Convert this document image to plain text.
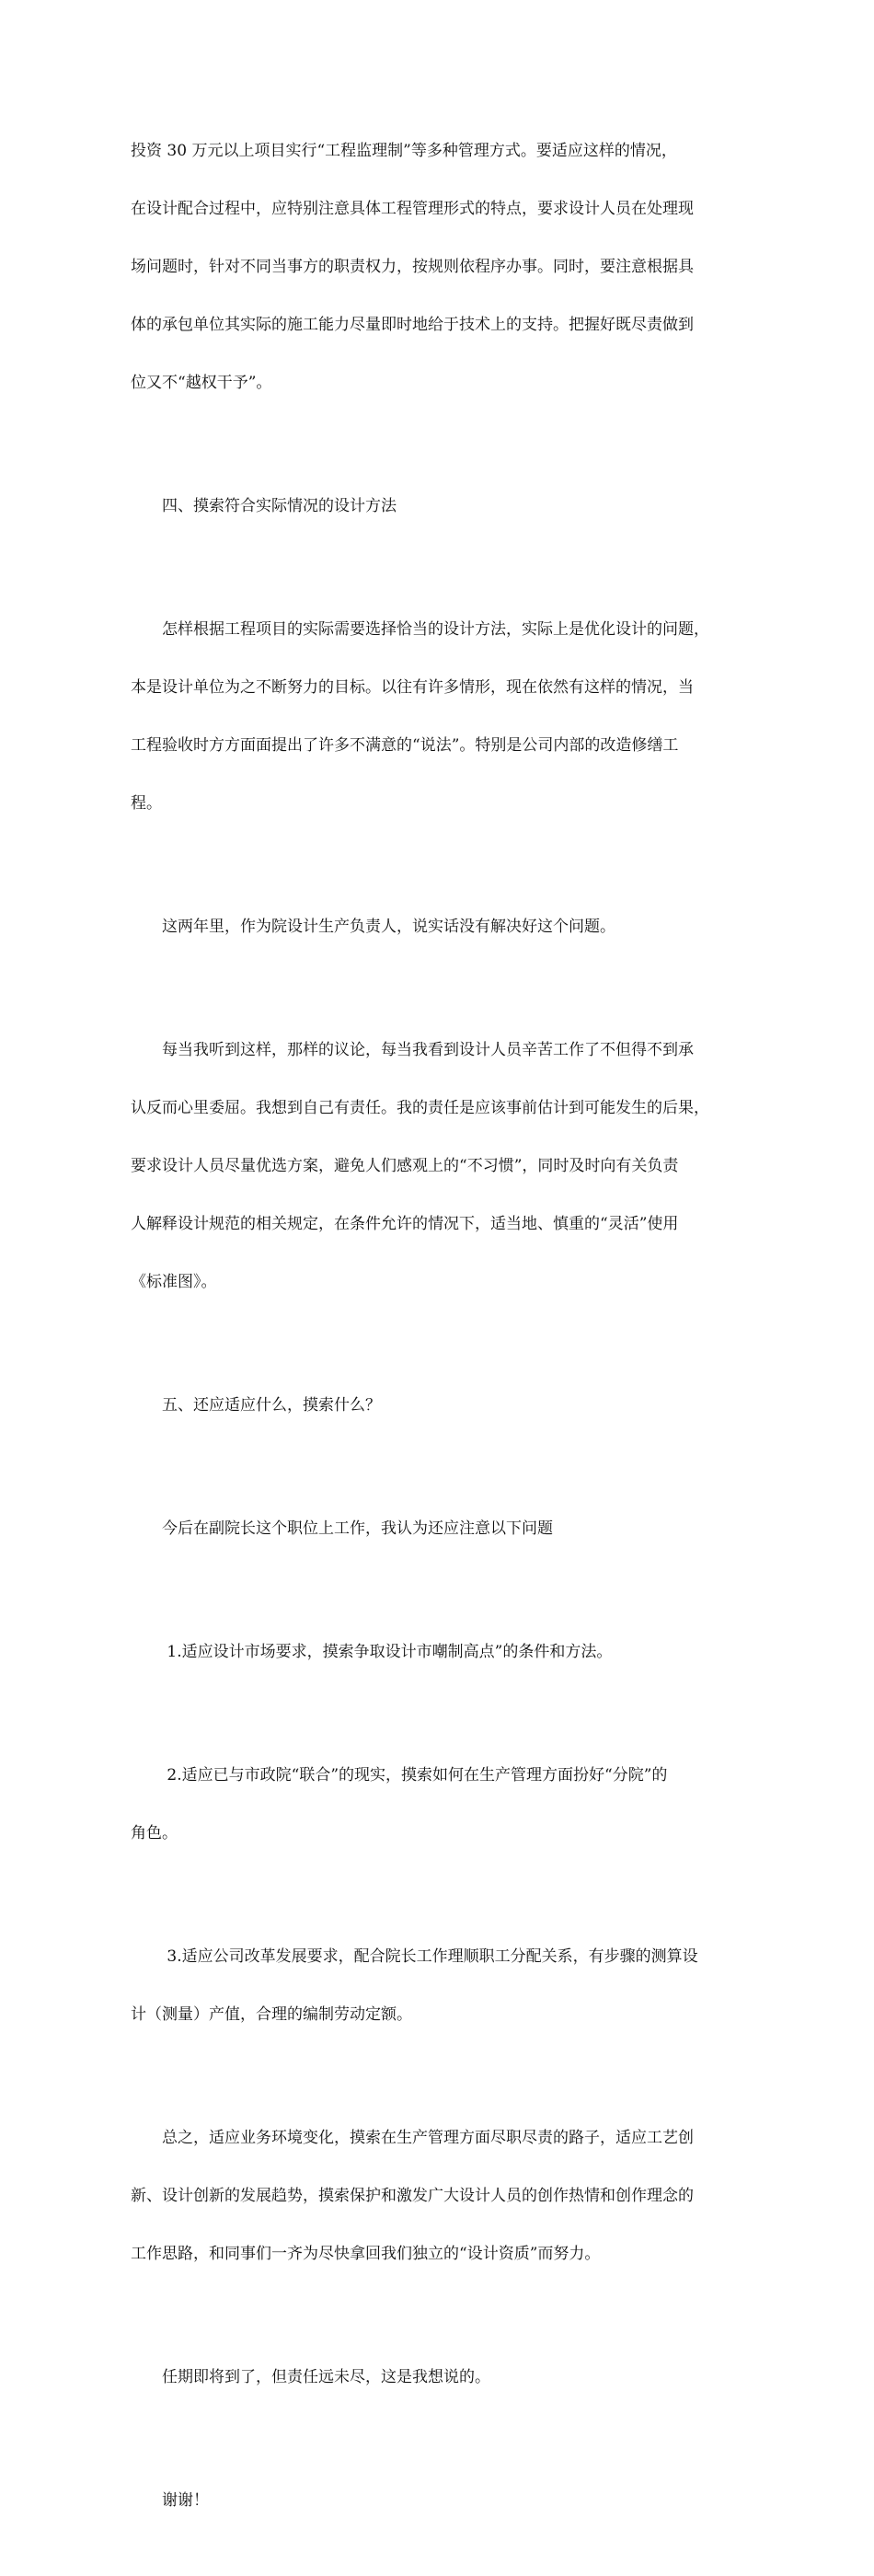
投资 30 万元以上项目实行“工程监理制”等多种管理方式。要适应这样的情况，

在设计配合过程中，应特别注意具体工程管理形式的特点，要求设计人员在处理现

场问题时，针对不同当事方的职责权力，按规则依程序办事。同时，要注意根据具

体的承包单位其实际的施工能力尽量即时地给于技术上的支持。把握好既尽责做到

位又不“越权干予”。

　　四、摸索符合实际情况的设计方法

　　怎样根据工程项目的实际需要选择恰当的设计方法，实际上是优化设计的问题，

本是设计单位为之不断努力的目标。以往有许多情形，现在依然有这样的情况，当

工程验收时方方面面提出了许多不满意的“说法”。特别是公司内部的改造修缮工

程。

　　这两年里，作为院设计生产负责人，说实话没有解决好这个问题。

　　每当我听到这样，那样的议论，每当我看到设计人员辛苦工作了不但得不到承

认反而心里委屈。我想到自己有责任。我的责任是应该事前估计到可能发生的后果，

要求设计人员尽量优选方案，避免人们感观上的“不习惯”，同时及时向有关负责

人解释设计规范的相关规定，在条件允许的情况下，适当地、慎重的“灵活”使用

《标准图》。

　　五、还应适应什么，摸索什么？

　　今后在副院长这个职位上工作，我认为还应注意以下问题

　　 1.适应设计市场要求，摸索争取设计市嘲制高点”的条件和方法。

　　 2.适应已与市政院“联合”的现实，摸索如何在生产管理方面扮好“分院”的

角色。

　　 3.适应公司改革发展要求，配合院长工作理顺职工分配关系，有步骤的测算设

计（测量）产值，合理的编制劳动定额。

　　总之，适应业务环境变化，摸索在生产管理方面尽职尽责的路子，适应工艺创

新、设计创新的发展趋势，摸索保护和激发广大设计人员的创作热情和创作理念的

工作思路，和同事们一齐为尽快拿回我们独立的“设计资质”而努力。

　　任期即将到了，但责任远未尽，这是我想说的。

　　谢谢！
